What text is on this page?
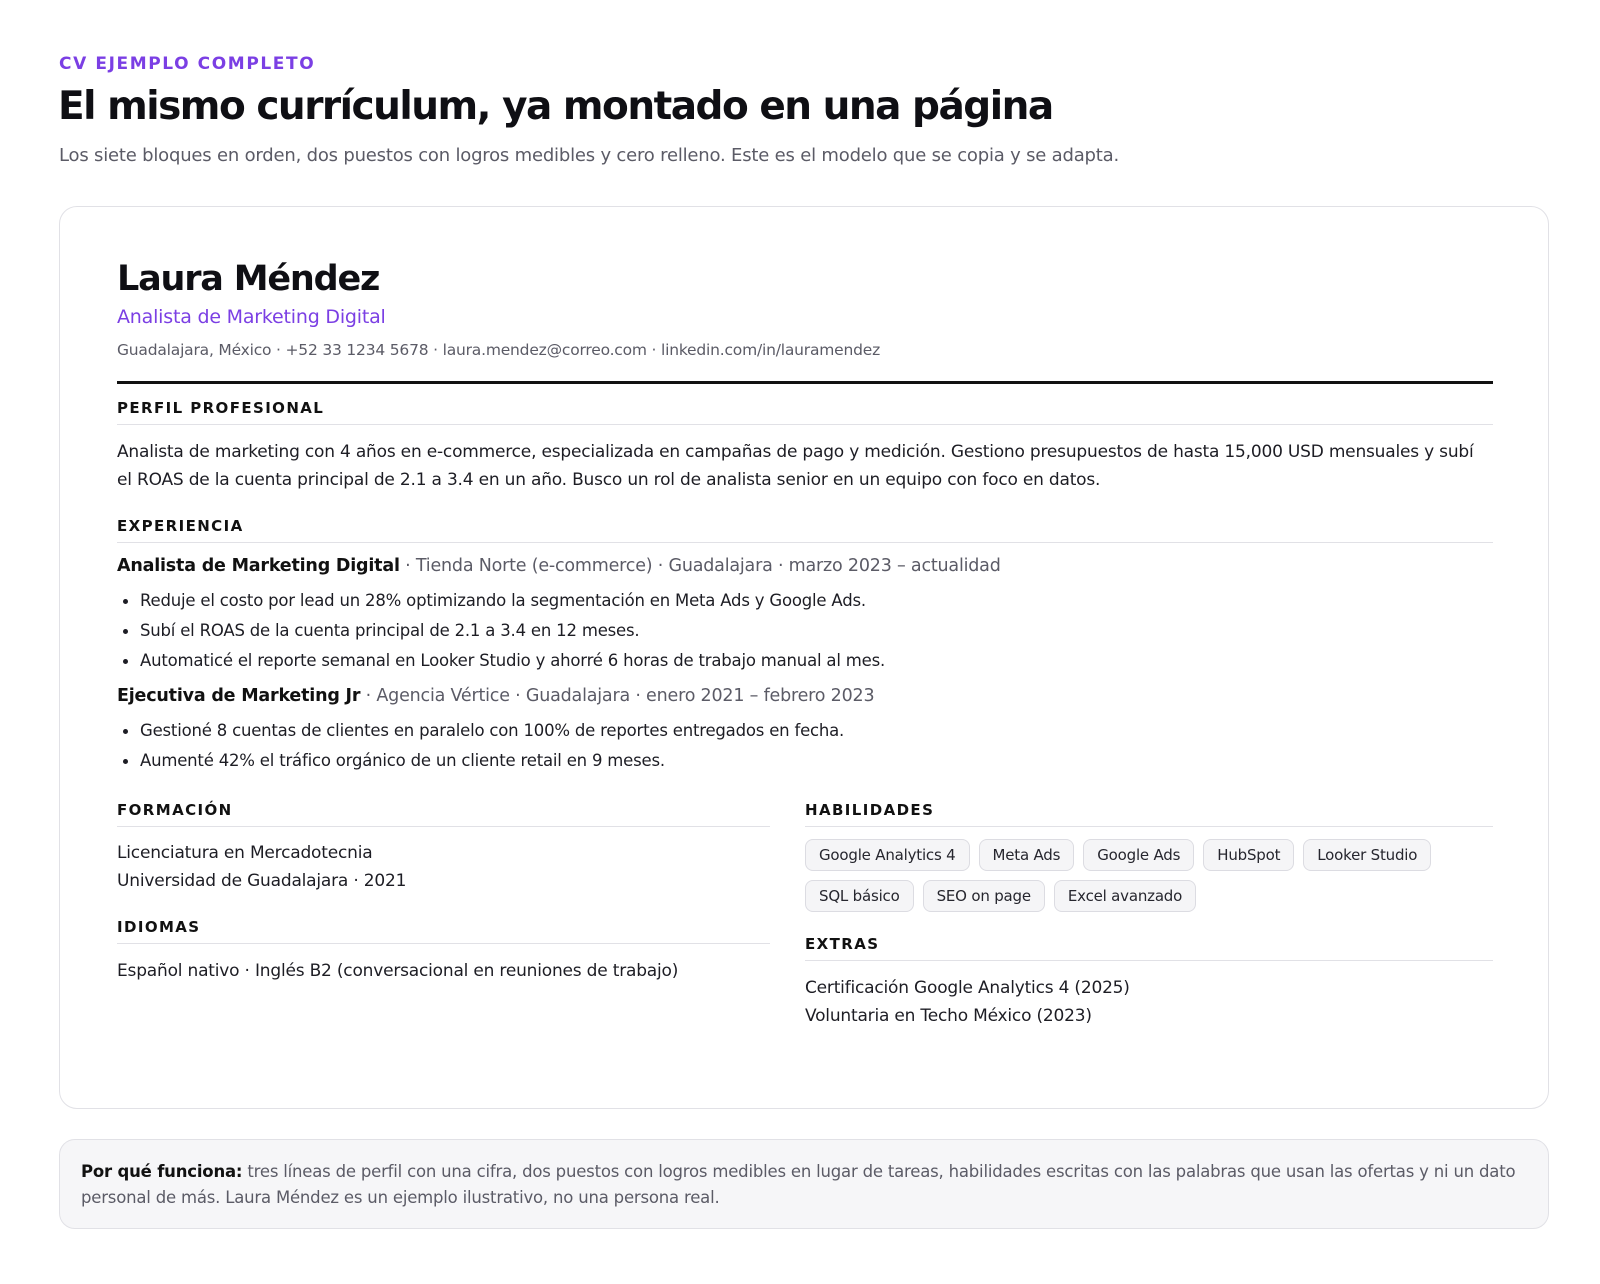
CV EJEMPLO COMPLETO
El mismo currículum, ya montado en una página

Los siete bloques en orden, dos puestos con logros medibles y cero relleno. Este es el modelo que se copia y se adapta.

Laura Méndez
Analista de Marketing Digital
Guadalajara, México · +52 33 1234 5678 · laura.mendez@correo.com · linkedin.com/in/lauramendez
PERFIL PROFESIONAL

Analista de marketing con 4 años en e-commerce, especializada en campañas de pago y medición. Gestiono presupuestos de hasta 15,000 USD mensuales y subí el ROAS de la cuenta principal de 2.1 a 3.4 en un año. Busco un rol de analista senior en un equipo con foco en datos.

EXPERIENCIA
Analista de Marketing Digital · Tienda Norte (e-commerce) · Guadalajara · marzo 2023 – actualidad
Reduje el costo por lead un 28% optimizando la segmentación en Meta Ads y Google Ads.
Subí el ROAS de la cuenta principal de 2.1 a 3.4 en 12 meses.
Automaticé el reporte semanal en Looker Studio y ahorré 6 horas de trabajo manual al mes.
Ejecutiva de Marketing Jr · Agencia Vértice · Guadalajara · enero 2021 – febrero 2023
Gestioné 8 cuentas de clientes en paralelo con 100% de reportes entregados en fecha.
Aumenté 42% el tráfico orgánico de un cliente retail en 9 meses.
FORMACIÓN

Licenciatura en Mercadotecnia

Universidad de Guadalajara · 2021

IDIOMAS

Español nativo · Inglés B2 (conversacional en reuniones de trabajo)

HABILIDADES
Google Analytics 4	Meta Ads	Google Ads	HubSpot	Looker Studio
SQL básico	SEO on page	Excel avanzado
EXTRAS

Certificación Google Analytics 4 (2025)

Voluntaria en Techo México (2023)

Por qué funciona: tres líneas de perfil con una cifra, dos puestos con logros medibles en lugar de tareas, habilidades escritas con las palabras que usan las ofertas y ni un dato personal de más. Laura Méndez es un ejemplo ilustrativo, no una persona real.
